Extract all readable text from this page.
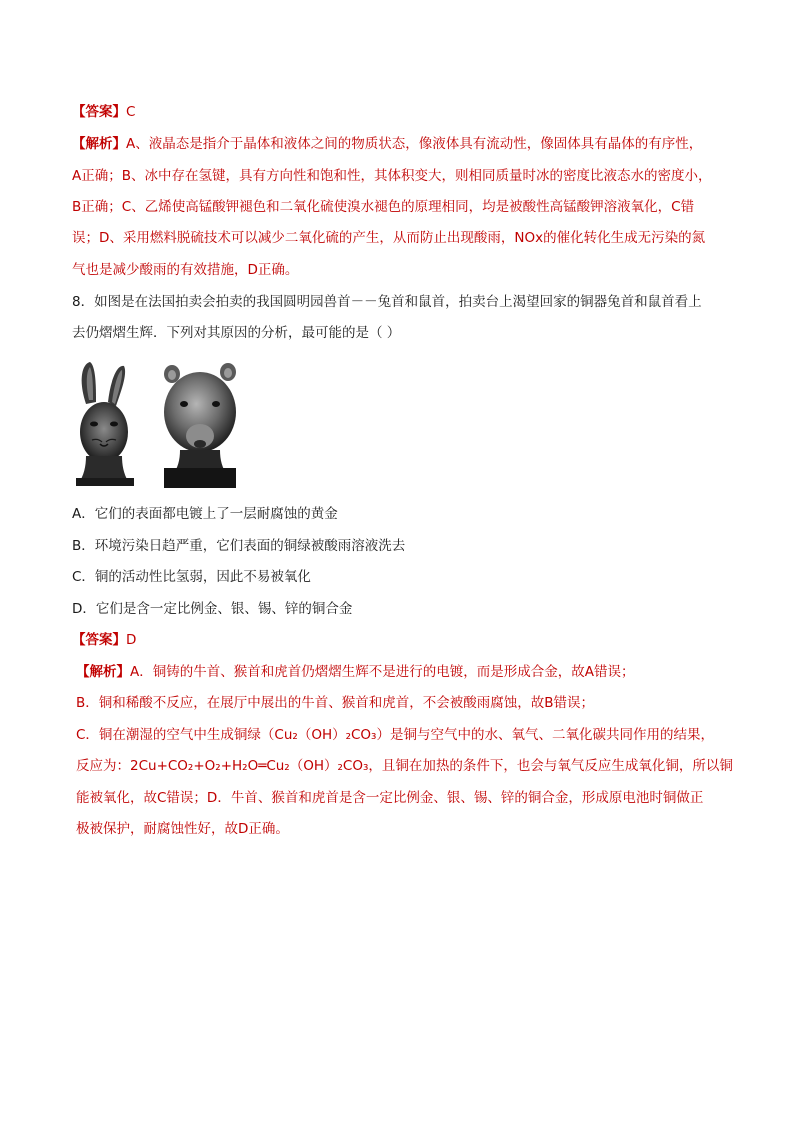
【答案】C
【解析】A、液晶态是指介于晶体和液体之间的物质状态，像液体具有流动性，像固体具有晶体的有序性，
A正确；B、冰中存在氢键，具有方向性和饱和性，其体积变大，则相同质量时冰的密度比液态水的密度小，
B正确；C、乙烯使高锰酸钾褪色和二氧化硫使溴水褪色的原理相同，均是被酸性高锰酸钾溶液氧化，C错
误；D、采用燃料脱硫技术可以减少二氧化硫的产生，从而防止出现酸雨，NOx的催化转化生成无污染的氮
气也是减少酸雨的有效措施，D正确。
8．如图是在法国拍卖会拍卖的我国圆明园兽首－－兔首和鼠首，拍卖台上渴望回家的铜器兔首和鼠首看上
去仍熠熠生辉．下列对其原因的分析，最可能的是（ ）
A．它们的表面都电镀上了一层耐腐蚀的黄金
B．环境污染日趋严重，它们表面的铜绿被酸雨溶液洗去
C．铜的活动性比氢弱，因此不易被氧化
D．它们是含一定比例金、银、锡、锌的铜合金
【答案】D
【解析】A．铜铸的牛首、猴首和虎首仍熠熠生辉不是进行的电镀，而是形成合金，故A错误；
B．铜和稀酸不反应，在展厅中展出的牛首、猴首和虎首，不会被酸雨腐蚀，故B错误；
C．铜在潮湿的空气中生成铜绿（Cu₂（OH）₂CO₃）是铜与空气中的水、氧气、二氧化碳共同作用的结果，
反应为：2Cu+CO₂+O₂+H₂O═Cu₂（OH）₂CO₃，且铜在加热的条件下，也会与氧气反应生成氧化铜，所以铜
能被氧化，故C错误；D．牛首、猴首和虎首是含一定比例金、银、锡、锌的铜合金，形成原电池时铜做正
极被保护，耐腐蚀性好，故D正确。
